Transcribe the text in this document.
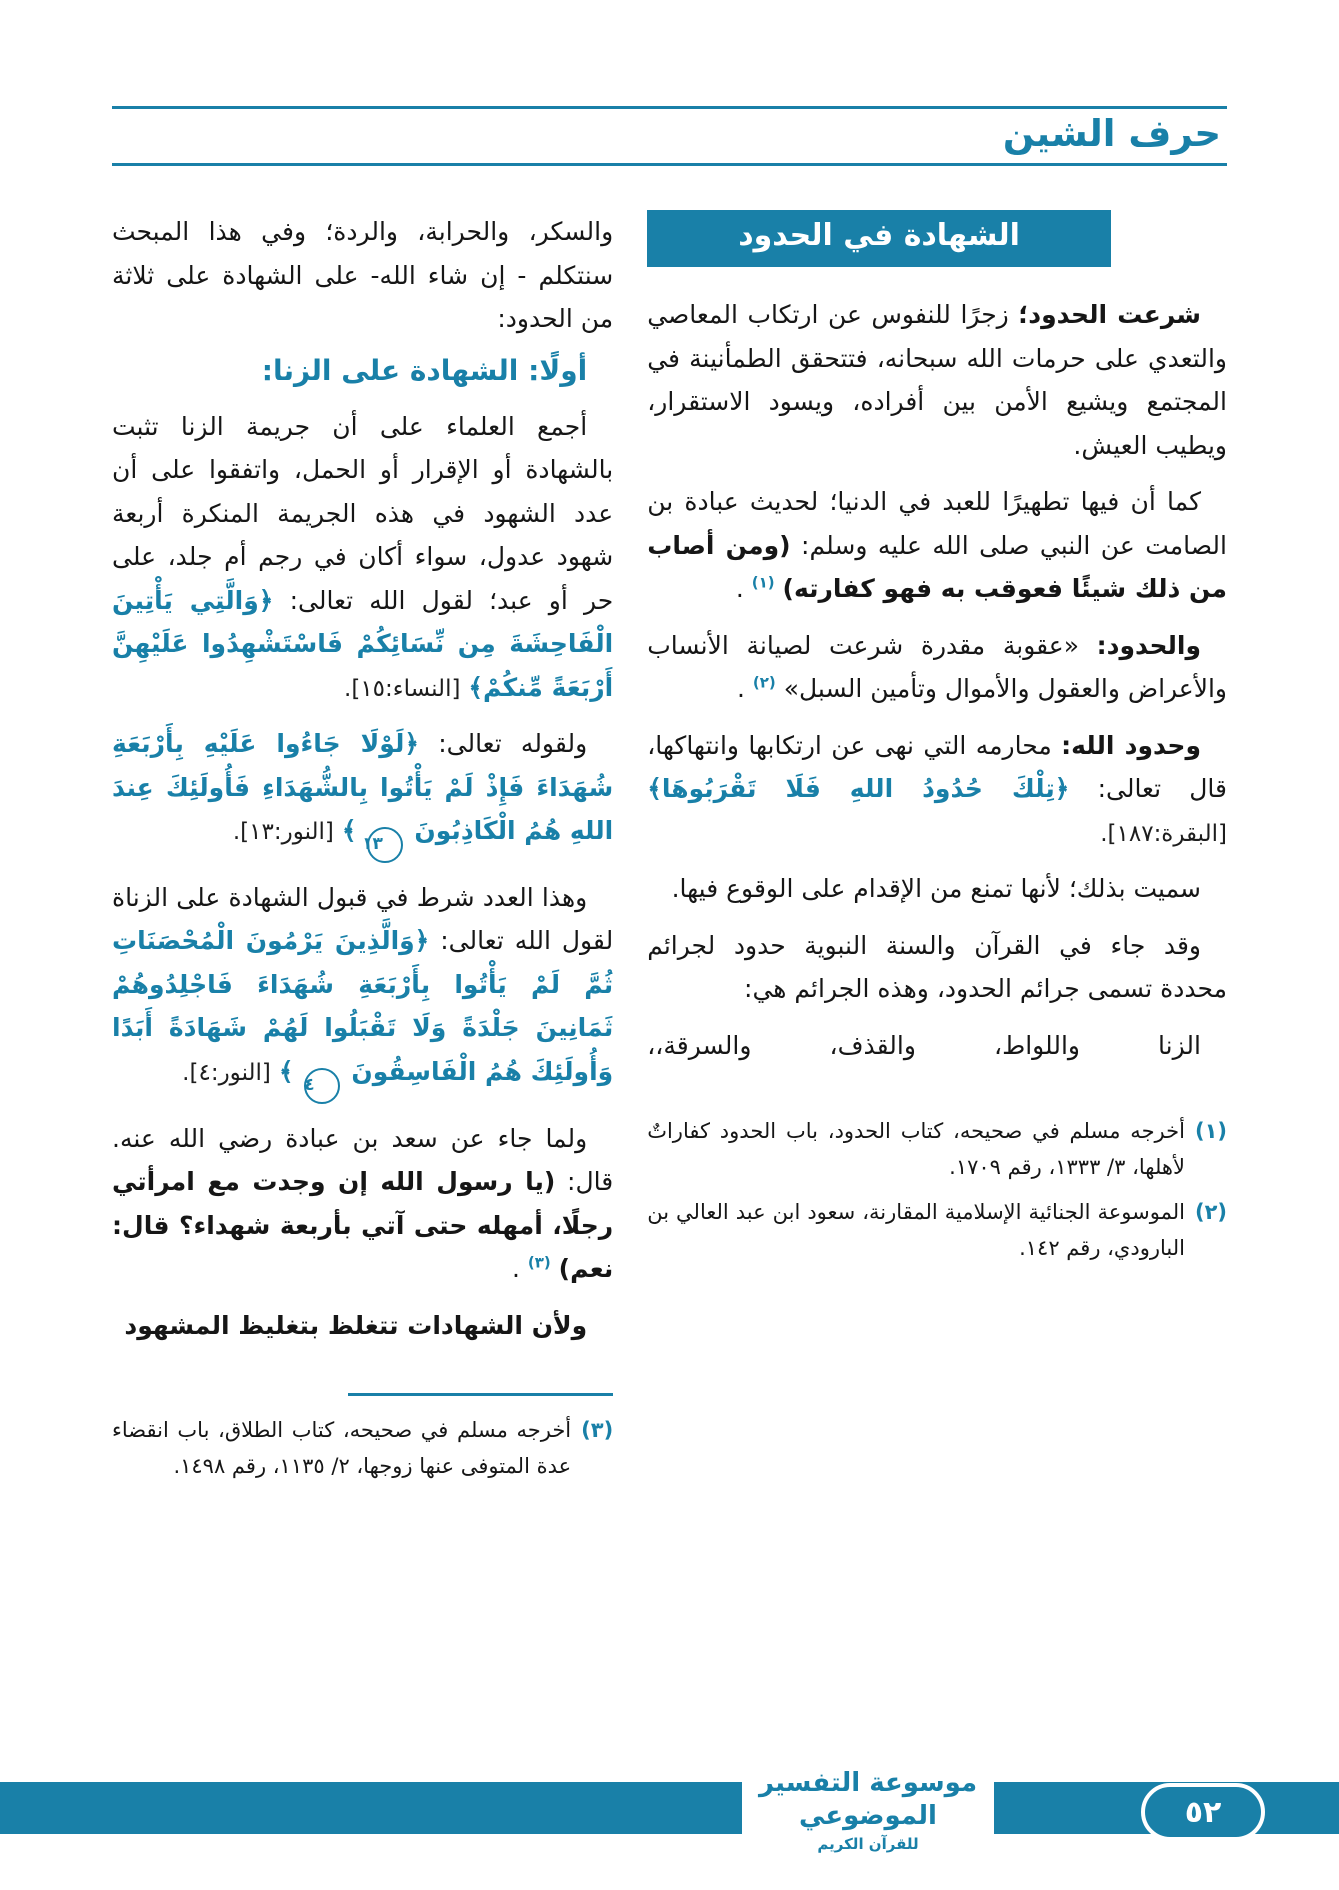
حرف الشين
الشهادة في الحدود

شرعت الحدود؛ زجرًا للنفوس عن ارتكاب المعاصي والتعدي على حرمات الله سبحانه، فتتحقق الطمأنينة في المجتمع ويشيع الأمن بين أفراده، ويسود الاستقرار، ويطيب العيش.

كما أن فيها تطهيرًا للعبد في الدنيا؛ لحديث عبادة بن الصامت عن النبي صلى الله عليه وسلم: (ومن أصاب من ذلك شيئًا فعوقب به فهو كفارته) $^{(١)}$ .

والحدود: «عقوبة مقدرة شرعت لصيانة الأنساب والأعراض والعقول والأموال وتأمين السبل» $^{(٢)}$ .

وحدود الله: محارمه التي نهى عن ارتكابها وانتهاكها، قال تعالى: ﴿تِلْكَ حُدُودُ اللهِ فَلَا تَقْرَبُوهَا﴾ [البقرة:١٨٧].

سميت بذلك؛ لأنها تمنع من الإقدام على الوقوع فيها.

وقد جاء في القرآن والسنة النبوية حدود لجرائم محددة تسمى جرائم الحدود، وهذه الجرائم هي:

الزنا واللواط، والقذف، والسرقة،،

(١)
أخرجه مسلم في صحيحه، كتاب الحدود، باب الحدود كفاراتٌ لأهلها، ٣/ ١٣٣٣، رقم ١٧٠٩.
(٢)
الموسوعة الجنائية الإسلامية المقارنة، سعود ابن عبد العالي بن البارودي، رقم ١٤٢.

والسكر، والحرابة، والردة؛ وفي هذا المبحث سنتكلم - إن شاء الله- على الشهادة على ثلاثة من الحدود:

أولًا: الشهادة على الزنا:

أجمع العلماء على أن جريمة الزنا تثبت بالشهادة أو الإقرار أو الحمل، واتفقوا على أن عدد الشهود في هذه الجريمة المنكرة أربعة شهود عدول، سواء أكان في رجم أم جلد، على حر أو عبد؛ لقول الله تعالى: ﴿وَالَّتِي يَأْتِينَ الْفَاحِشَةَ مِن نِّسَائِكُمْ فَاسْتَشْهِدُوا عَلَيْهِنَّ أَرْبَعَةً مِّنكُمْ﴾ [النساء:١٥].

ولقوله تعالى: ﴿لَوْلَا جَاءُوا عَلَيْهِ بِأَرْبَعَةِ شُهَدَاءَ فَإِذْ لَمْ يَأْتُوا بِالشُّهَدَاءِ فَأُولَئِكَ عِندَ اللهِ هُمُ الْكَاذِبُونَ ١٣ ﴾ [النور:١٣].

وهذا العدد شرط في قبول الشهادة على الزناة لقول الله تعالى: ﴿وَالَّذِينَ يَرْمُونَ الْمُحْصَنَاتِ ثُمَّ لَمْ يَأْتُوا بِأَرْبَعَةِ شُهَدَاءَ فَاجْلِدُوهُمْ ثَمَانِينَ جَلْدَةً وَلَا تَقْبَلُوا لَهُمْ شَهَادَةً أَبَدًا وَأُولَئِكَ هُمُ الْفَاسِقُونَ ٤ ﴾ [النور:٤].

ولما جاء عن سعد بن عبادة رضي الله عنه. قال: (يا رسول الله إن وجدت مع امرأتي رجلًا، أمهله حتى آتي بأربعة شهداء؟ قال: نعم) $^{(٣)}$ .

ولأن الشهادات تتغلظ بتغليظ المشهود

(٣)
أخرجه مسلم في صحيحه، كتاب الطلاق، باب انقضاء عدة المتوفى عنها زوجها، ٢/ ١١٣٥، رقم ١٤٩٨.
موسوعة التفسير الموضوعي
للقرآن الكريم
٥٢
